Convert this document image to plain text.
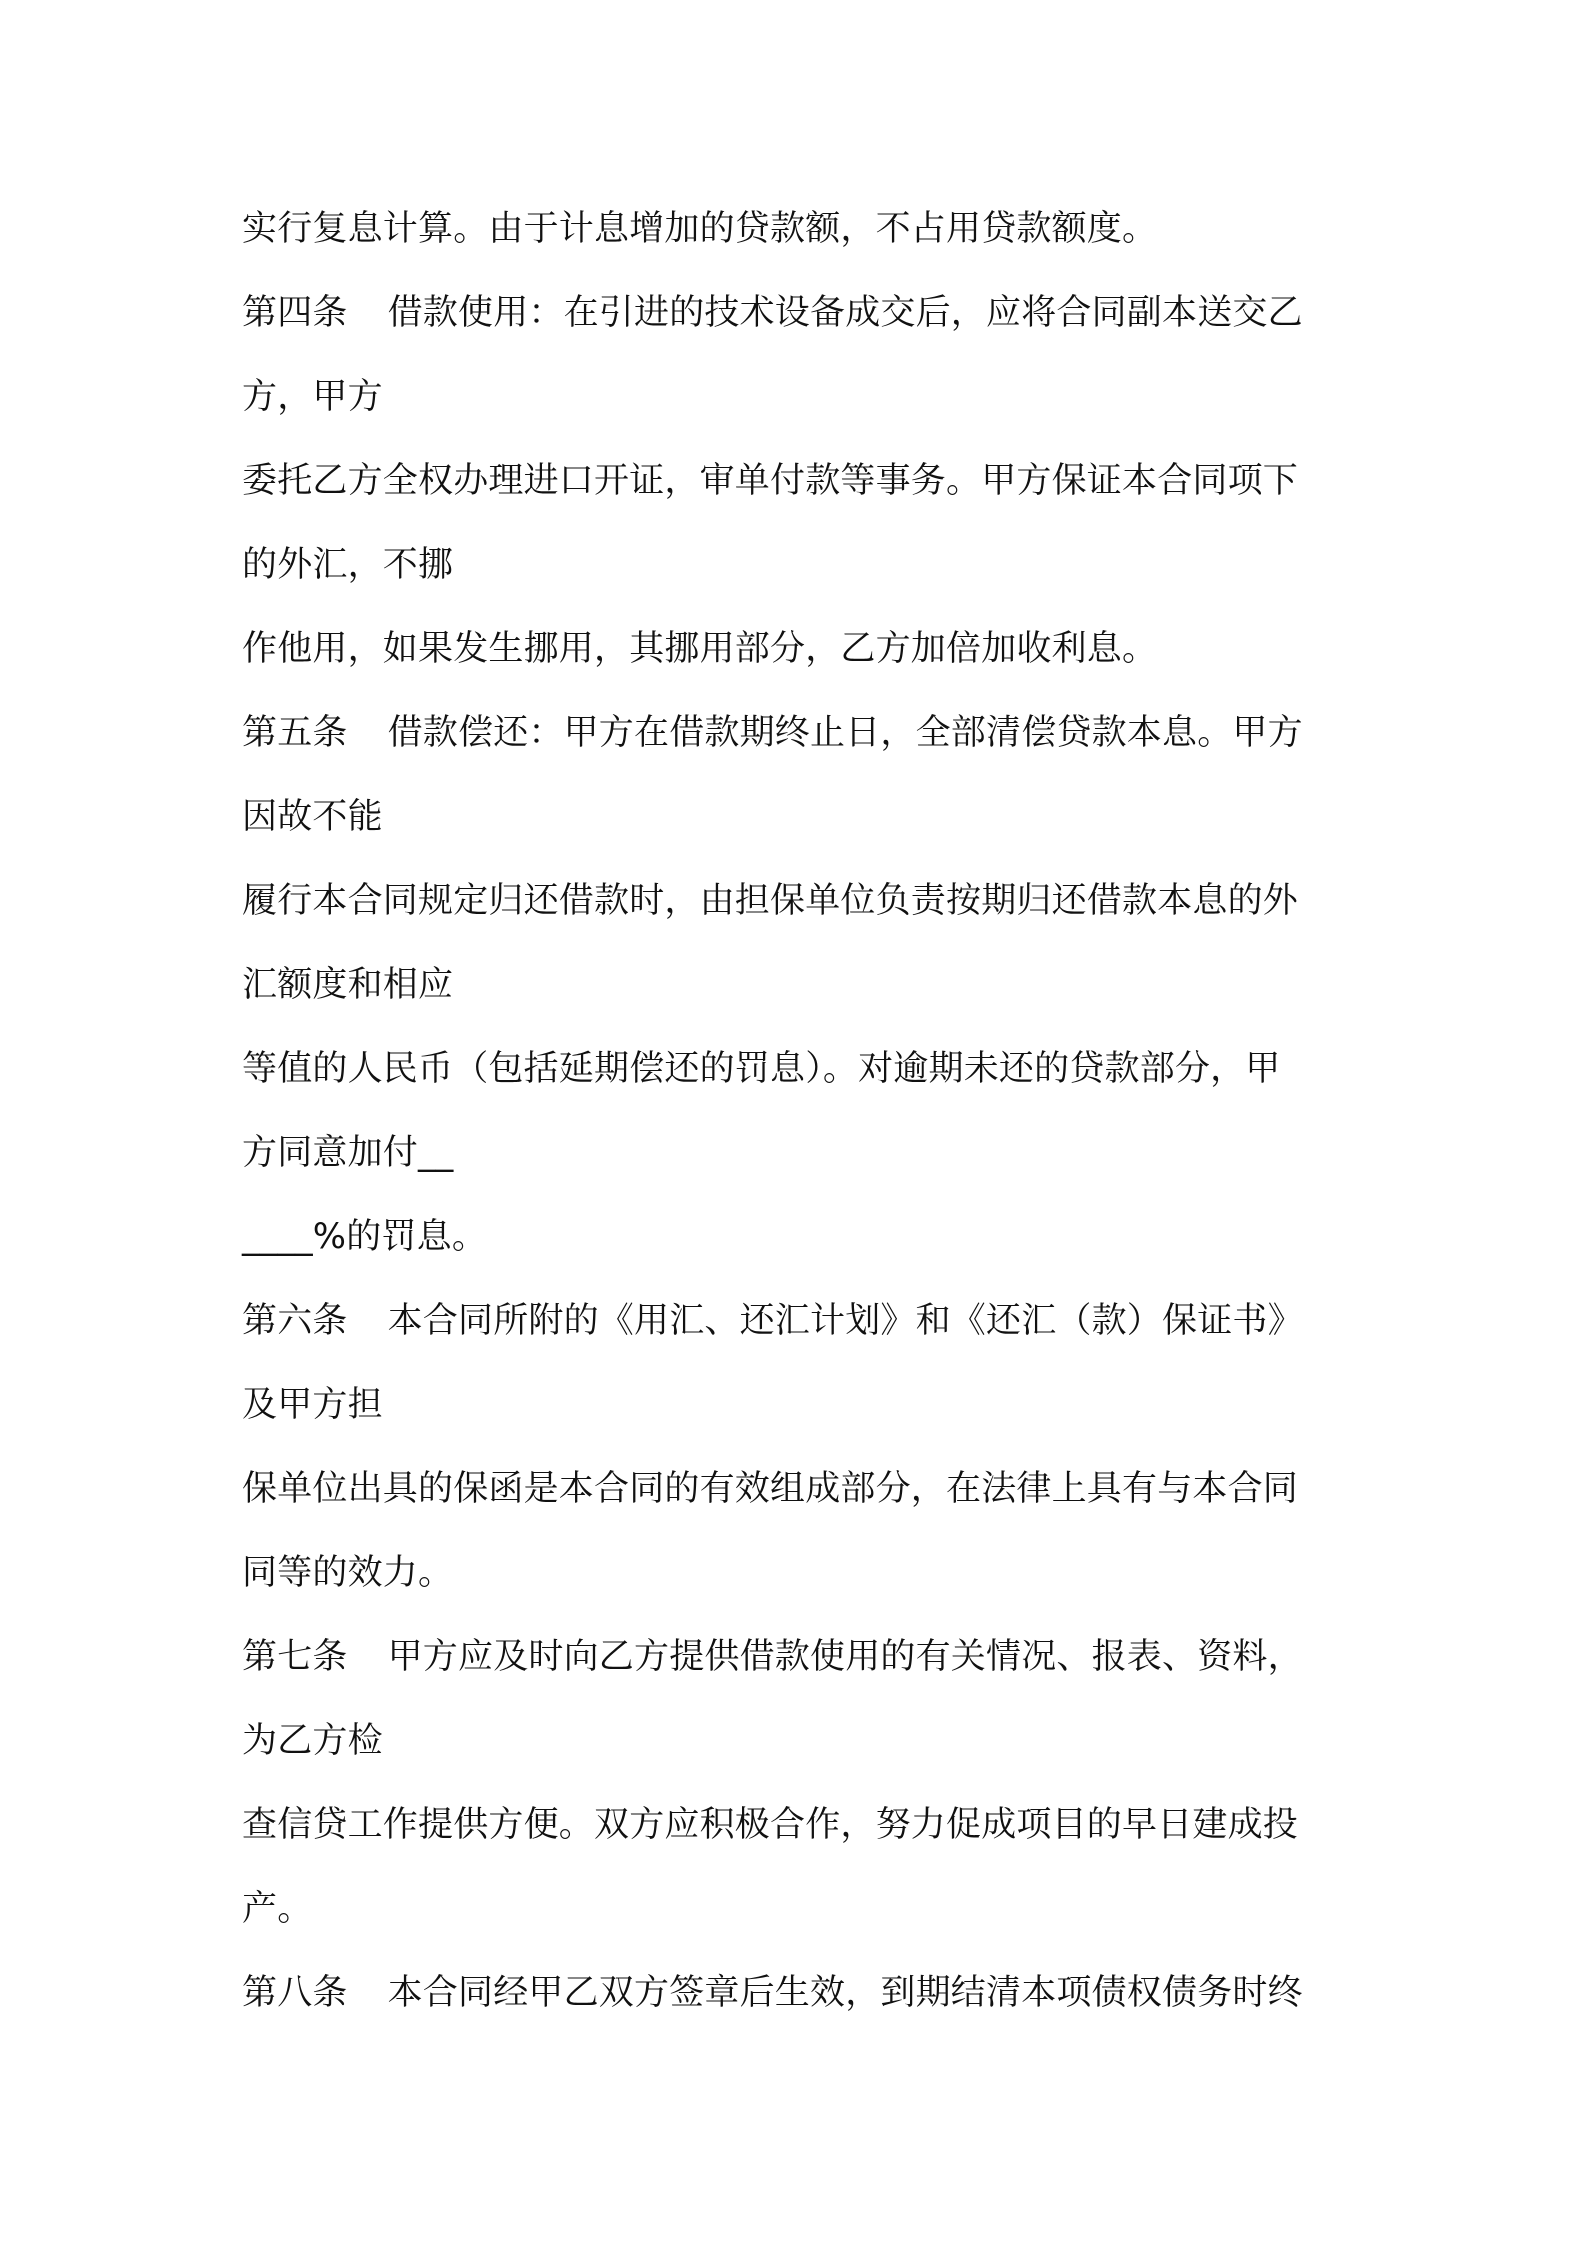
实行复息计算。由于计息增加的贷款额，不占用贷款额度。
第四条 借款使用：在引进的技术设备成交后，应将合同副本送交乙
方，甲方
委托乙方全权办理进口开证，审单付款等事务。甲方保证本合同项下
的外汇，不挪
作他用，如果发生挪用，其挪用部分，乙方加倍加收利息。
第五条 借款偿还：甲方在借款期终止日，全部清偿贷款本息。甲方
因故不能
履行本合同规定归还借款时，由担保单位负责按期归还借款本息的外
汇额度和相应
等值的人民币（包括延期偿还的罚息）。对逾期未还的贷款部分，甲
方同意加付__
____%的罚息。
第六条 本合同所附的《用汇、还汇计划》和《还汇（款）保证书》
及甲方担
保单位出具的保函是本合同的有效组成部分，在法律上具有与本合同
同等的效力。
第七条 甲方应及时向乙方提供借款使用的有关情况、报表、资料，
为乙方检
查信贷工作提供方便。双方应积极合作，努力促成项目的早日建成投
产。
第八条 本合同经甲乙双方签章后生效，到期结清本项债权债务时终
